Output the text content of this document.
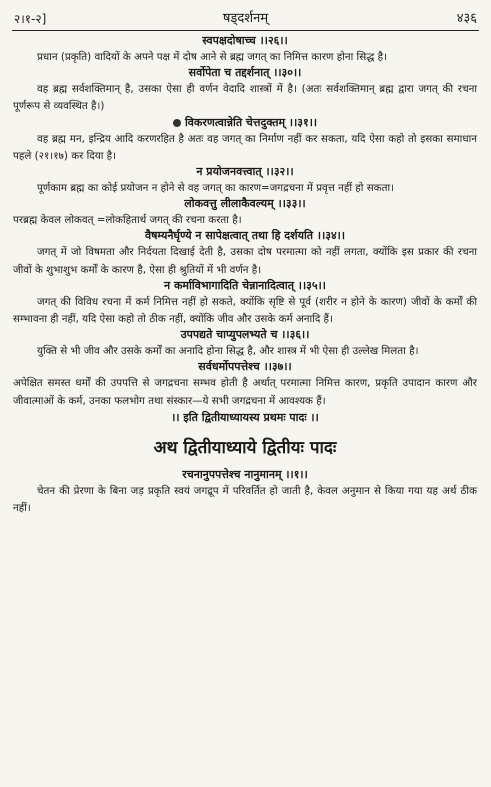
२।१-२]	षड्दर्शनम्	४३६
स्वपक्षदोषाच्च ।।२६।।
प्रधान (प्रकृति) वादियों के अपने पक्ष में दोष आने से ब्रह्म जगत् का निमित्त कारण होना सिद्ध है।
सर्वोपेता च तद्दर्शनात् ।।३०।।
वह ब्रह्म सर्वशक्तिमान् है, उसका ऐसा ही वर्णन वेदादि शास्त्रों में है। (अतः सर्वशक्तिमान् ब्रह्म द्वारा जगत् की रचना पूर्णरूप से व्यवस्थित है।)
विकरणत्वान्नेति चेत्तदुक्तम् ।।३१।।
वह ब्रह्म मन, इन्द्रिय आदि करणरहित है अतः वह जगत् का निर्माण नहीं कर सकता, यदि ऐसा कहो तो इसका समाधान पहले (२१।१७) कर दिया है।
न प्रयोजनवत्त्वात् ।।३२।।
पूर्णकाम ब्रह्म का कोई प्रयोजन न होने से वह जगत् का कारण=जगद्रचना में प्रवृत्त नहीं हो सकता।
लोकवत्तु लीलाकैवल्यम् ।।३३।।
परब्रह्म केवल लोकवत् =लोकहितार्थ जगत् की रचना करता है।
वैषम्यनैर्घृण्ये न सापेक्षत्वात् तथा हि दर्शयति ।।३४।।
जगत् में जो विषमता और निर्दयता दिखाई देती है, उसका दोष परमात्मा को नहीं लगता, क्योंकि इस प्रकार की रचना जीवों के शुभाशुभ कर्मों के कारण है, ऐसा ही श्रुतियों में भी वर्णन है।
न कर्माविभागादिति चेन्नानादित्वात् ।।३५।।
जगत् की विविध रचना में कर्म निमित्त नहीं हो सकते, क्योंकि सृष्टि से पूर्व (शरीर न होने के कारण) जीवों के कर्मों की सम्भावना ही नहीं, यदि ऐसा कहो तो ठीक नहीं, क्योंकि जीव और उसके कर्म अनादि हैं।
उपपद्यते चाप्युपलभ्यते च ।।३६।।
युक्ति से भी जीव और उसके कर्मों का अनादि होना सिद्ध है, और शास्त्र में भी ऐसा ही उल्लेख मिलता है।
सर्वधर्मोपपत्तेश्च ।।३७।।
अपेक्षित समस्त धर्मों की उपपत्ति से जगद्रचना सम्भव होती है अर्थात् परमात्मा निमित्त कारण, प्रकृति उपादान कारण और जीवात्माओं के कर्म, उनका फलभोग तथा संस्कार—ये सभी जगद्रचना में आवश्यक हैं।
।। इति द्वितीयाध्यायस्य प्रथमः पादः ।।
अथ द्वितीयाध्याये द्वितीयः पादः
रचनानुपपत्तेश्च नानुमानम् ।।१।।
चेतन की प्रेरणा के बिना जड़ प्रकृति स्वयं जगद्रूप में परिवर्तित हो जाती है, केवल अनुमान से किया गया यह अर्थ ठीक नहीं।
